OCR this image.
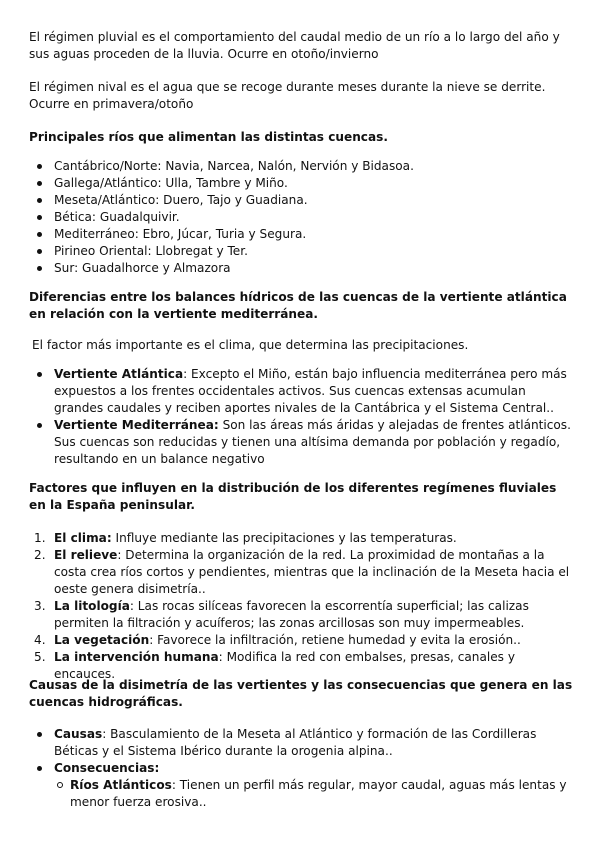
El régimen pluvial es el comportamiento del caudal medio de un río a lo largo del año y sus aguas proceden de la lluvia. Ocurre en otoño/invierno

El régimen nival es el agua que se recoge durante meses durante la nieve se derrite. Ocurre en primavera/otoño

Principales ríos que alimentan las distintas cuencas.

Cantábrico/Norte: Navia, Narcea, Nalón, Nervión y Bidasoa.
Gallega/Atlántico: Ulla, Tambre y Miño.
Meseta/Atlántico: Duero, Tajo y Guadiana.
Bética: Guadalquivir.
Mediterráneo: Ebro, Júcar, Turia y Segura.
Pirineo Oriental: Llobregat y Ter.
Sur: Guadalhorce y Almazora

Diferencias entre los balances hídricos de las cuencas de la vertiente atlántica en relación con la vertiente mediterránea.

El factor más importante es el clima, que determina las precipitaciones.

Vertiente Atlántica: Excepto el Miño, están bajo influencia mediterránea pero más expuestos a los frentes occidentales activos. Sus cuencas extensas acumulan grandes caudales y reciben aportes nivales de la Cantábrica y el Sistema Central..
Vertiente Mediterránea: Son las áreas más áridas y alejadas de frentes atlánticos. Sus cuencas son reducidas y tienen una altísima demanda por población y regadío, resultando en un balance negativo

Factores que influyen en la distribución de los diferentes regímenes fluviales en la España peninsular.

1. El clima: Influye mediante las precipitaciones y las temperaturas.
2. El relieve: Determina la organización de la red. La proximidad de montañas a la costa crea ríos cortos y pendientes, mientras que la inclinación de la Meseta hacia el oeste genera disimetría..
3. La litología: Las rocas silíceas favorecen la escorrentía superficial; las calizas permiten la filtración y acuíferos; las zonas arcillosas son muy impermeables.
4. La vegetación: Favorece la infiltración, retiene humedad y evita la erosión..
5. La intervención humana: Modifica la red con embalses, presas, canales y encauces.

Causas de la disimetría de las vertientes y las consecuencias que genera en las cuencas hidrográficas.

Causas: Basculamiento de la Meseta al Atlántico y formación de las Cordilleras Béticas y el Sistema Ibérico durante la orogenia alpina..
Consecuencias:
Ríos Atlánticos: Tienen un perfil más regular, mayor caudal, aguas más lentas y menor fuerza erosiva..
